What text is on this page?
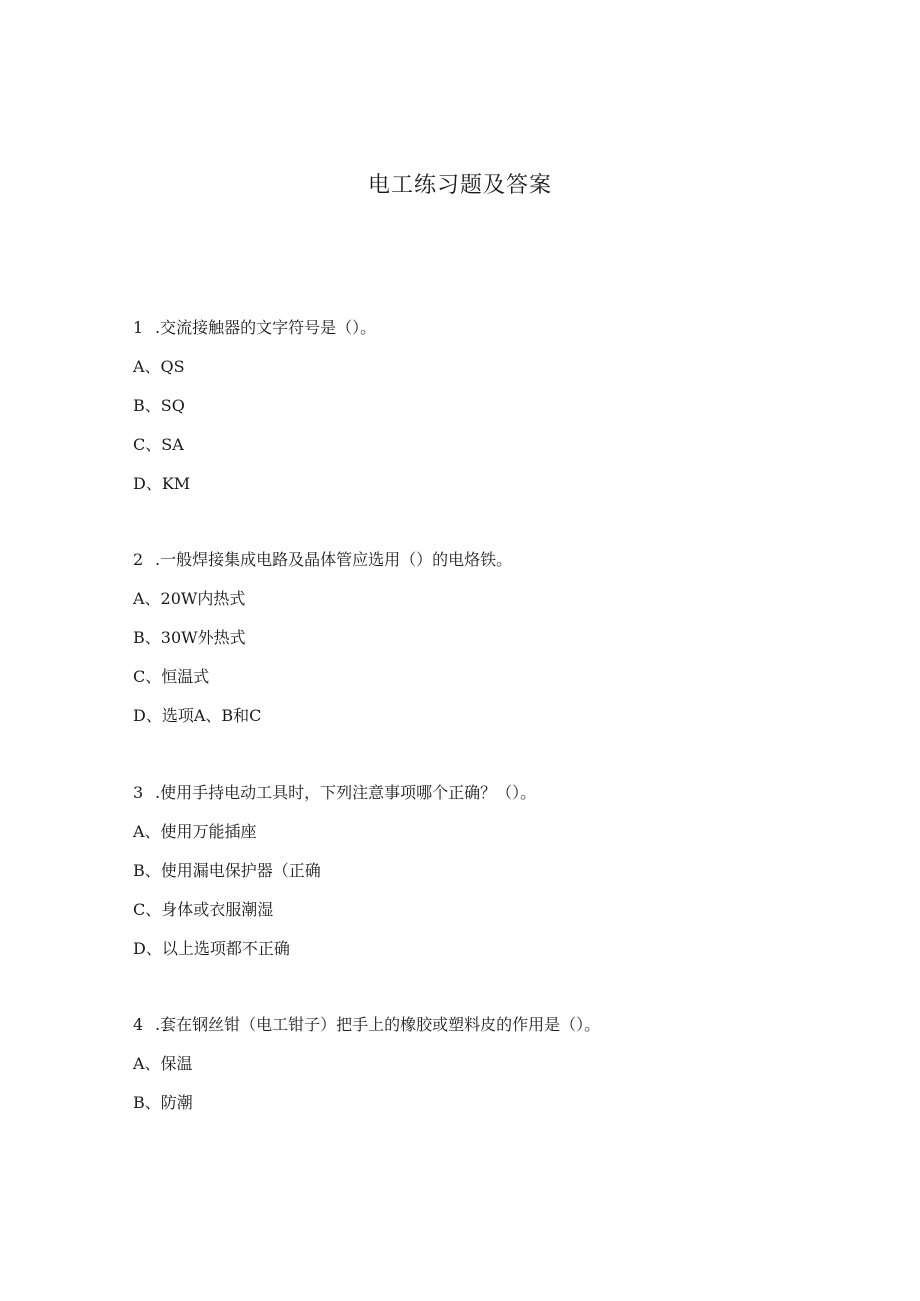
电工练习题及答案
1 .交流接触器的文字符号是（）。
A、QS
B、SQ
C、SA
D、KM
2 .一般焊接集成电路及晶体管应选用（）的电烙铁。
A、20W内热式
B、30W外热式
C、恒温式
D、选项A、B和C
3 .使用手持电动工具时，下列注意事项哪个正确？（）。
A、使用万能插座
B、使用漏电保护器（正确
C、身体或衣服潮湿
D、以上选项都不正确
4 .套在钢丝钳（电工钳子）把手上的橡胶或塑料皮的作用是（）。
A、保温
B、防潮
